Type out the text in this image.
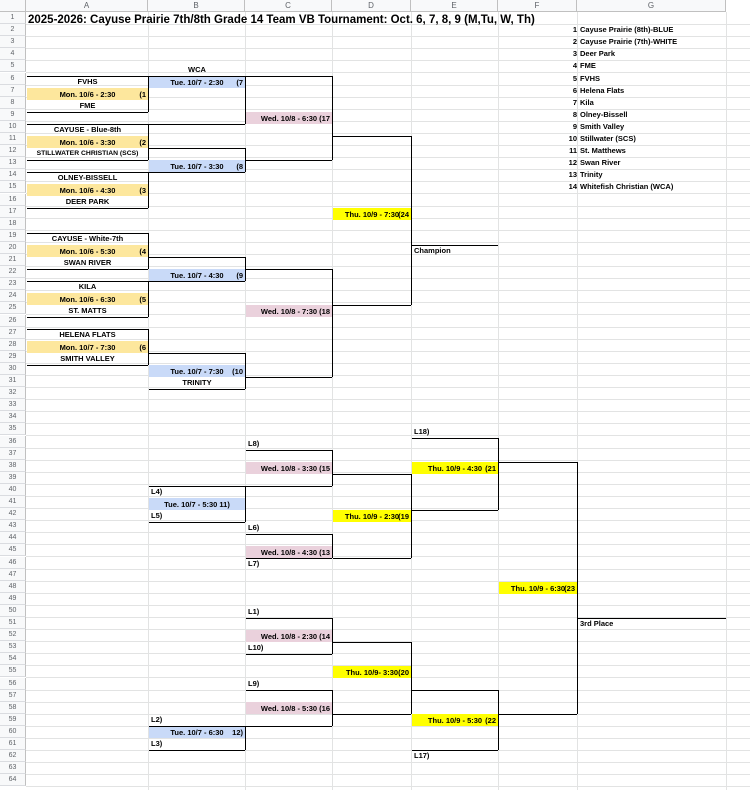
A	B	C	D	E	F	G
1
2
3
4
5
6
7
8
9
10
11
12
13
14
15
16
17
18
19
20
21
22
23
24
25
26
27
28
29
30
31
32
33
34
35
36
37
38
39
40
41
42
43
44
45
46
47
48
49
50
51
52
53
54
55
56
57
58
59
60
61
62
63
64
2025-2026: Cayuse Prairie 7th/8th Grade 14 Team VB Tournament: Oct. 6, 7, 8, 9 (M,Tu, W, Th)
FVHS
Mon. 10/6 - 2:30	(1
FME
CAYUSE - Blue-8th
Mon. 10/6 - 3:30	(2
STILLWATER CHRISTIAN (SCS)
OLNEY-BISSELL
Mon. 10/6 - 4:30	(3
DEER PARK
CAYUSE - White-7th
Mon. 10/6 - 5:30	(4
SWAN RIVER
KILA
Mon. 10/6 - 6:30	(5
ST. MATTS
HELENA FLATS
Mon. 10/7 - 7:30	(6
SMITH VALLEY
WCA
Tue. 10/7 - 2:30 (7
Tue. 10/7 - 3:30 (8
Tue. 10/7 - 4:30 (9
Tue. 10/7 - 7:30 (10
TRINITY
L4)
Tue. 10/7 - 5:30 11)
L5)
L2)
Tue. 10/7 - 6:30 12)
L3)
Wed. 10/8 - 6:30 (17
Wed. 10/8 - 7:30 (18
L8)
Wed. 10/8 - 3:30 (15
L6)
Wed. 10/8 - 4:30 (13
L7)
L1)
Wed. 10/8 - 2:30 (14
L10)
L9)
Wed. 10/8 - 5:30 (16
Thu. 10/9 - 7:30 (24
Thu. 10/9 - 2:30 (19
Thu. 10/9- 3:30 (20
Champion
L18)
Thu. 10/9 - 4:30 (21
Thu. 10/9 - 5:30 (22
L17)
Thu. 10/9 - 6:30 (23
3rd Place
1 Cayuse Prairie (8th)-BLUE
2 Cayuse Prairie (7th)-WHITE
3 Deer Park
4 FME
5 FVHS
6 Helena Flats
7 Kila
8 Olney-Bissell
9 Smith Valley
10 Stillwater (SCS)
11 St. Matthews
12 Swan River
13 Trinity
14 Whitefish Christian (WCA)
